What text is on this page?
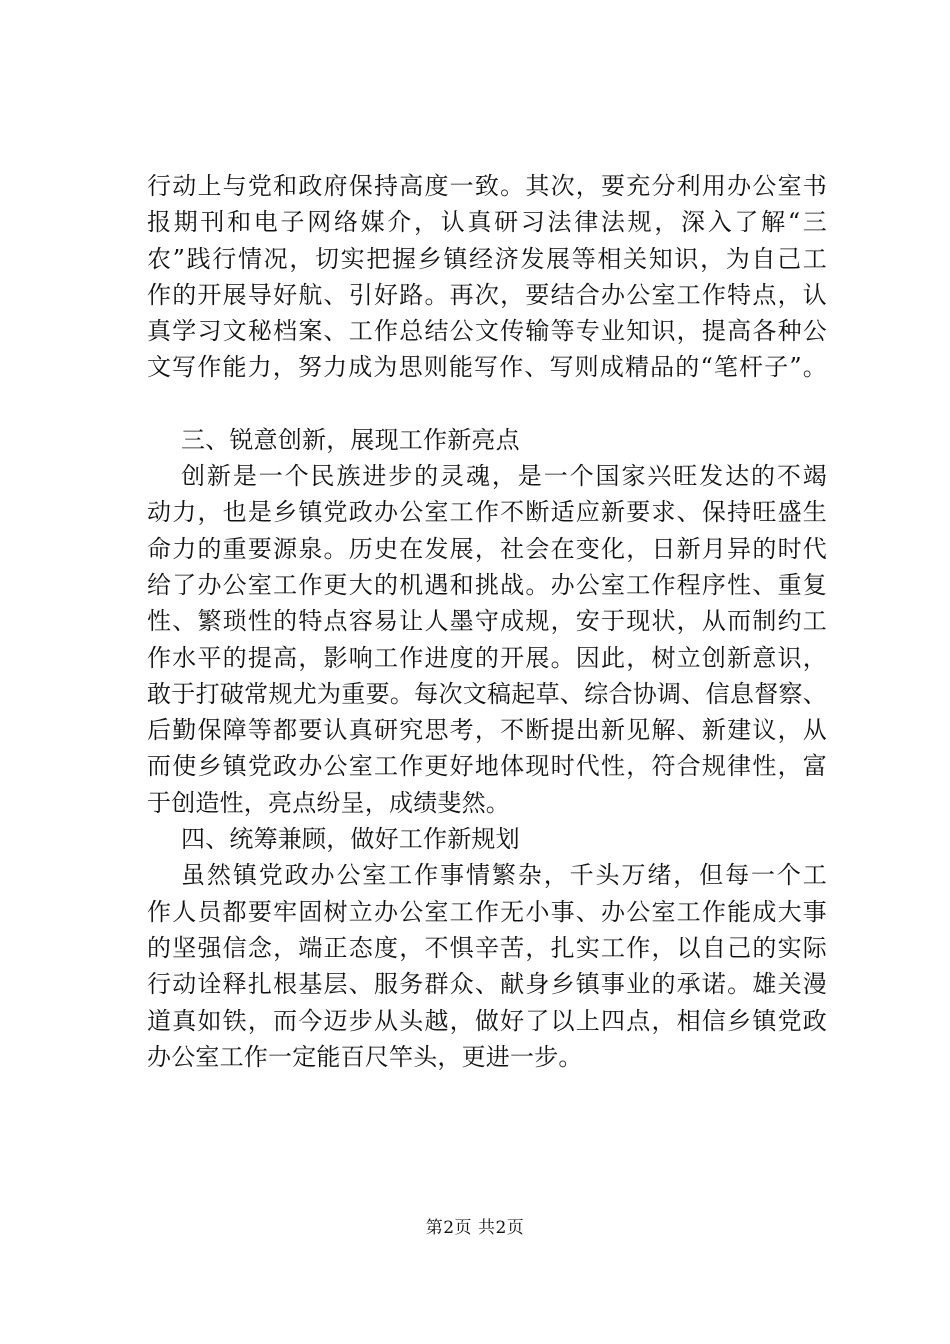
行动上与党和政府保持高度一致。其次，要充分利用办公室书
报期刊和电子网络媒介，认真研习法律法规，深入了解“三
农”践行情况，切实把握乡镇经济发展等相关知识，为自己工
作的开展导好航、引好路。再次，要结合办公室工作特点，认
真学习文秘档案、工作总结公文传输等专业知识，提高各种公
文写作能力，努力成为思则能写作、写则成精品的“笔杆子”。
三、锐意创新，展现工作新亮点
创新是一个民族进步的灵魂，是一个国家兴旺发达的不竭
动力，也是乡镇党政办公室工作不断适应新要求、保持旺盛生
命力的重要源泉。历史在发展，社会在变化，日新月异的时代
给了办公室工作更大的机遇和挑战。办公室工作程序性、重复
性、繁琐性的特点容易让人墨守成规，安于现状，从而制约工
作水平的提高，影响工作进度的开展。因此，树立创新意识，
敢于打破常规尤为重要。每次文稿起草、综合协调、信息督察、
后勤保障等都要认真研究思考，不断提出新见解、新建议，从
而使乡镇党政办公室工作更好地体现时代性，符合规律性，富
于创造性，亮点纷呈，成绩斐然。
四、统筹兼顾，做好工作新规划
虽然镇党政办公室工作事情繁杂，千头万绪，但每一个工
作人员都要牢固树立办公室工作无小事、办公室工作能成大事
的坚强信念，端正态度，不惧辛苦，扎实工作，以自己的实际
行动诠释扎根基层、服务群众、献身乡镇事业的承诺。雄关漫
道真如铁，而今迈步从头越，做好了以上四点，相信乡镇党政
办公室工作一定能百尺竿头，更进一步。
第2页 共2页
